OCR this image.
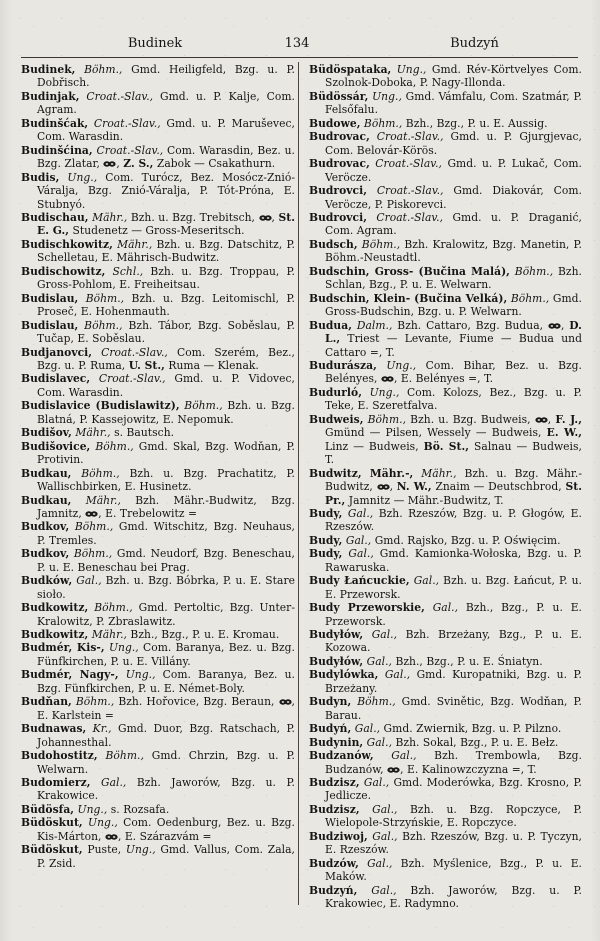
Budinek	134	Budzyń
Budinek, Böhm., Gmd. Heiligfeld, Bzg. u. P. Dobřisch.
Budinjak, Croat.-Slav., Gmd. u. P. Kalje, Com. Agram.
Budinšćak, Croat.-Slav., Gmd. u. P. Maruševec, Com. Warasdin.
Budinšćina, Croat.-Slav., Com. Warasdin, Bez. u. Bzg. Zlatar, , Z. S., Zabok — Csakathurn.
Budis, Ung., Com. Turócz, Bez. Mosócz-Znió-Váralja, Bzg. Znió-Váralja, P. Tót-Próna, E. Stubnyó.
Budischau, Mähr., Bzh. u. Bzg. Trebitsch, , St. E. G., Studenetz — Gross-Meseritsch.
Budischkowitz, Mähr., Bzh. u. Bzg. Datschitz, P. Schelletau, E. Mährisch-Budwitz.
Budischowitz, Schl., Bzh. u. Bzg. Troppau, P. Gross-Pohlom, E. Freiheitsau.
Budislau, Böhm., Bzh. u. Bzg. Leitomischl, P. Proseč, E. Hohenmauth.
Budislau, Böhm., Bzh. Tábor, Bzg. Soběslau, P. Tučap, E. Soběslau.
Budjanovci, Croat.-Slav., Com. Szerém, Bez., Bzg. u. P. Ruma, U. St., Ruma — Klenak.
Budislavec, Croat.-Slav., Gmd. u. P. Vidovec, Com. Warasdin.
Budislavice (Budislawitz), Böhm., Bzh. u. Bzg. Blatná, P. Kassejowitz, E. Nepomuk.
Budišov, Mähr., s. Bautsch.
Budišovice, Böhm., Gmd. Skal, Bzg. Wodňan, P. Protivin.
Budkau, Böhm., Bzh. u. Bzg. Prachatitz, P. Wallischbirken, E. Husinetz.
Budkau, Mähr., Bzh. Mähr.-Budwitz, Bzg. Jamnitz, , E. Trebelowitz =
Budkov, Böhm., Gmd. Witschitz, Bzg. Neuhaus, P. Tremles.
Budkov, Böhm., Gmd. Neudorf, Bzg. Beneschau, P. u. E. Beneschau bei Prag.
Budków, Gal., Bzh. u. Bzg. Bóbrka, P. u. E. Stare sioło.
Budkowitz, Böhm., Gmd. Pertoltic, Bzg. Unter-Kralowitz, P. Zbraslawitz.
Budkowitz, Mähr., Bzh., Bzg., P. u. E. Kromau.
Budmér, Kis-, Ung., Com. Baranya, Bez. u. Bzg. Fünfkirchen, P. u. E. Villány.
Budmér, Nagy-, Ung., Com. Baranya, Bez. u. Bzg. Fünfkirchen, P. u. E. Német-Boly.
Budňan, Böhm., Bzh. Hořovice, Bzg. Beraun, , E. Karlstein =
Budnawas, Kr., Gmd. Duor, Bzg. Ratschach, P. Johannesthal.
Budohostitz, Böhm., Gmd. Chrzin, Bzg. u. P. Welwarn.
Budomierz, Gal., Bzh. Jaworów, Bzg. u. P. Krakowice.
Büdösfa, Ung., s. Rozsafa.
Büdöskut, Ung., Com. Oedenburg, Bez. u. Bzg. Kis-Márton, , E. Szárazvám =
Büdöskut, Puste, Ung., Gmd. Vallus, Com. Zala, P. Zsid.
Büdöspataka, Ung., Gmd. Rév-Körtvelyes Com. Szolnok-Doboka, P. Nagy-Illonda.
Büdössár, Ung., Gmd. Vámfalu, Com. Szatmár, P. Felsőfalu.
Budowe, Böhm., Bzh., Bzg., P. u. E. Aussig.
Budrovac, Croat.-Slav., Gmd. u. P. Gjurgjevac, Com. Belovár-Körös.
Budrovac, Croat.-Slav., Gmd. u. P. Lukač, Com. Veröcze.
Budrovci, Croat.-Slav., Gmd. Diakovár, Com. Veröcze, P. Piskorevci.
Budrovci, Croat.-Slav., Gmd. u. P. Draganić, Com. Agram.
Budsch, Böhm., Bzh. Kralowitz, Bzg. Manetin, P. Böhm.-Neustadtl.
Budschin, Gross- (Bučina Malá), Böhm., Bzh. Schlan, Bzg., P. u. E. Welwarn.
Budschin, Klein- (Bučina Velká), Böhm., Gmd. Gross-Budschin, Bzg. u. P. Welwarn.
Budua, Dalm., Bzh. Cattaro, Bzg. Budua, , D. L., Triest — Levante, Fiume — Budua und Cattaro =, T.
Budurásza, Ung., Com. Bihar, Bez. u. Bzg. Belényes, , E. Belényes =, T.
Budurló, Ung., Com. Kolozs, Bez., Bzg. u. P. Teke, E. Szeretfalva.
Budweis, Böhm., Bzh. u. Bzg. Budweis, , F. J., Gmünd — Pilsen, Wessely — Budweis, E. W., Linz — Budweis, Bö. St., Salnau — Budweis, T.
Budwitz, Mähr.-, Mähr., Bzh. u. Bzg. Mähr.-Budwitz, , N. W., Znaim — Deutschbrod, St. Pr., Jamnitz — Mähr.-Budwitz, T.
Budy, Gal., Bzh. Rzeszów, Bzg. u. P. Głogów, E. Rzeszów.
Budy, Gal., Gmd. Rajsko, Bzg. u. P. Oświęcim.
Budy, Gal., Gmd. Kamionka-Wołoska, Bzg. u. P. Rawaruska.
Budy Łańcuckie, Gal., Bzh. u. Bzg. Łańcut, P. u. E. Przeworsk.
Budy Przeworskie, Gal., Bzh., Bzg., P. u. E. Przeworsk.
Budyłów, Gal., Bzh. Brzeżany, Bzg., P. u. E. Kozowa.
Budyłów, Gal., Bzh., Bzg., P. u. E. Śniatyn.
Budylówka, Gal., Gmd. Kuropatniki, Bzg. u. P. Brzeżany.
Budyn, Böhm., Gmd. Svinětic, Bzg. Wodňan, P. Barau.
Budyń, Gal., Gmd. Zwiernik, Bzg. u. P. Pilzno.
Budynin, Gal., Bzh. Sokal, Bzg., P. u. E. Bełz.
Budzanów, Gal., Bzh. Trembowla, Bzg. Budzanów, , E. Kalinowzczyzna =, T.
Budzisz, Gal., Gmd. Moderówka, Bzg. Krosno, P. Jedlicze.
Budzisz, Gal., Bzh. u. Bzg. Ropczyce, P. Wielopole-Strzyńskie, E. Ropczyce.
Budziwoj, Gal., Bzh. Rzeszów, Bzg. u. P. Tyczyn, E. Rzeszów.
Budzów, Gal., Bzh. Myślenice, Bzg., P. u. E. Maków.
Budzyń, Gal., Bzh. Jaworów, Bzg. u. P. Krakowiec, E. Radymno.
